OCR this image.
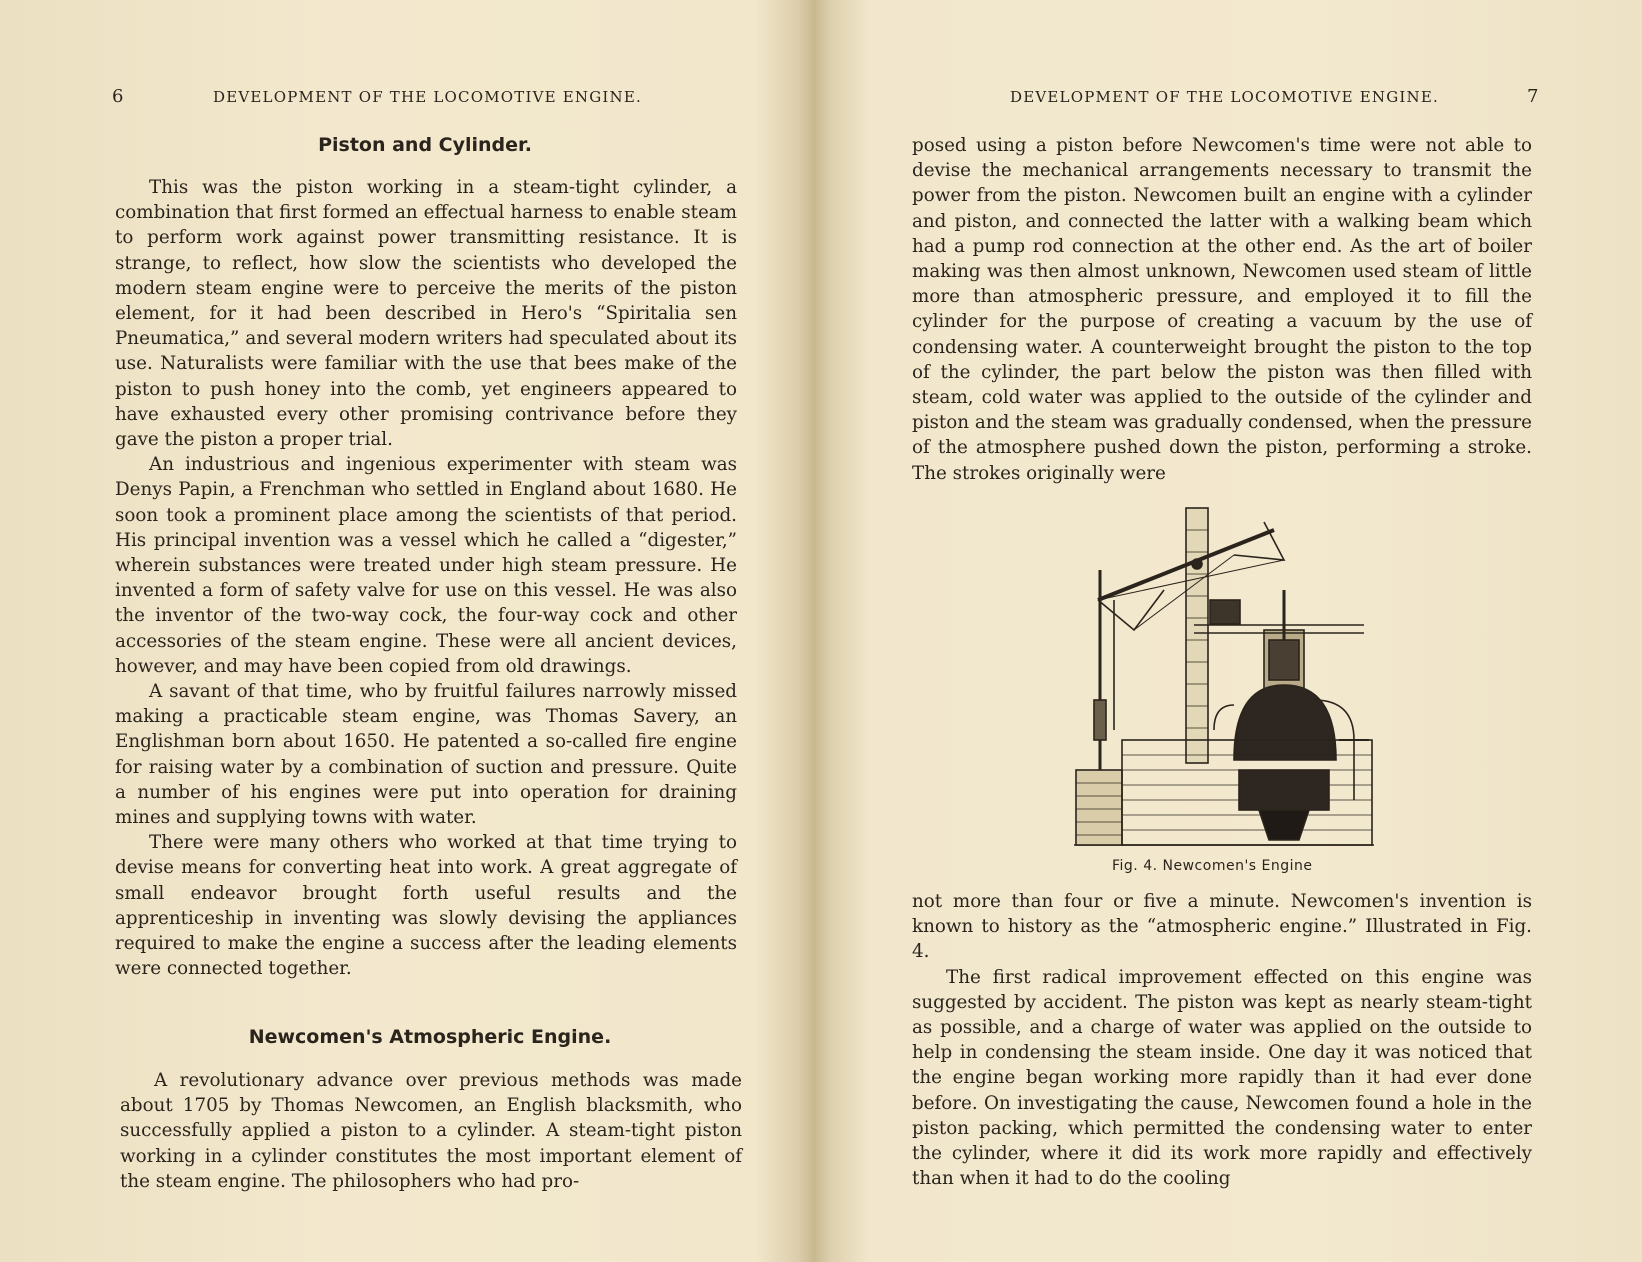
6	DEVELOPMENT OF THE LOCOMOTIVE ENGINE.
Piston and Cylinder.

This was the piston working in a steam-tight cylinder, a combination that first formed an effectual harness to enable steam to perform work against power transmitting resistance. It is strange, to reflect, how slow the scientists who developed the modern steam engine were to perceive the merits of the piston element, for it had been described in Hero's “Spiritalia sen Pneumatica,” and several modern writers had speculated about its use. Naturalists were familiar with the use that bees make of the piston to push honey into the comb, yet engineers appeared to have exhausted every other promising contrivance before they gave the piston a proper trial.

An industrious and ingenious experimenter with steam was Denys Papin, a Frenchman who settled in England about 1680. He soon took a prominent place among the scientists of that period. His principal invention was a vessel which he called a “digester,” wherein substances were treated under high steam pressure. He invented a form of safety valve for use on this vessel. He was also the inventor of the two-way cock, the four-way cock and other accessories of the steam engine. These were all ancient devices, however, and may have been copied from old drawings.

A savant of that time, who by fruitful failures narrowly missed making a practicable steam engine, was Thomas Savery, an Englishman born about 1650. He patented a so-called fire engine for raising water by a combination of suction and pressure. Quite a number of his engines were put into operation for draining mines and supplying towns with water.

There were many others who worked at that time trying to devise means for converting heat into work. A great aggregate of small endeavor brought forth useful results and the apprenticeship in inventing was slowly devising the appliances required to make the engine a success after the leading elements were connected together.

Newcomen's Atmospheric Engine.

A revolutionary advance over previous methods was made about 1705 by Thomas Newcomen, an English blacksmith, who successfully applied a piston to a cylinder. A steam-tight piston working in a cylinder constitutes the most important element of the steam engine. The philosophers who had pro-

DEVELOPMENT OF THE LOCOMOTIVE ENGINE.	7

posed using a piston before Newcomen's time were not able to devise the mechanical arrangements necessary to transmit the power from the piston. Newcomen built an engine with a cylinder and piston, and connected the latter with a walking beam which had a pump rod connection at the other end. As the art of boiler making was then almost unknown, Newcomen used steam of little more than atmospheric pressure, and employed it to fill the cylinder for the purpose of creating a vacuum by the use of condensing water. A counterweight brought the piston to the top of the cylinder, the part below the piston was then filled with steam, cold water was applied to the outside of the cylinder and piston and the steam was gradually condensed, when the pressure of the atmosphere pushed down the piston, performing a stroke. The strokes originally were

Fig. 4. Newcomen's Engine

not more than four or five a minute. Newcomen's invention is known to history as the “atmospheric engine.” Illustrated in Fig. 4.

The first radical improvement effected on this engine was suggested by accident. The piston was kept as nearly steam-tight as possible, and a charge of water was applied on the outside to help in condensing the steam inside. One day it was noticed that the engine began working more rapidly than it had ever done before. On investigating the cause, Newcomen found a hole in the piston packing, which permitted the condensing water to enter the cylinder, where it did its work more rapidly and effectively than when it had to do the cooling
